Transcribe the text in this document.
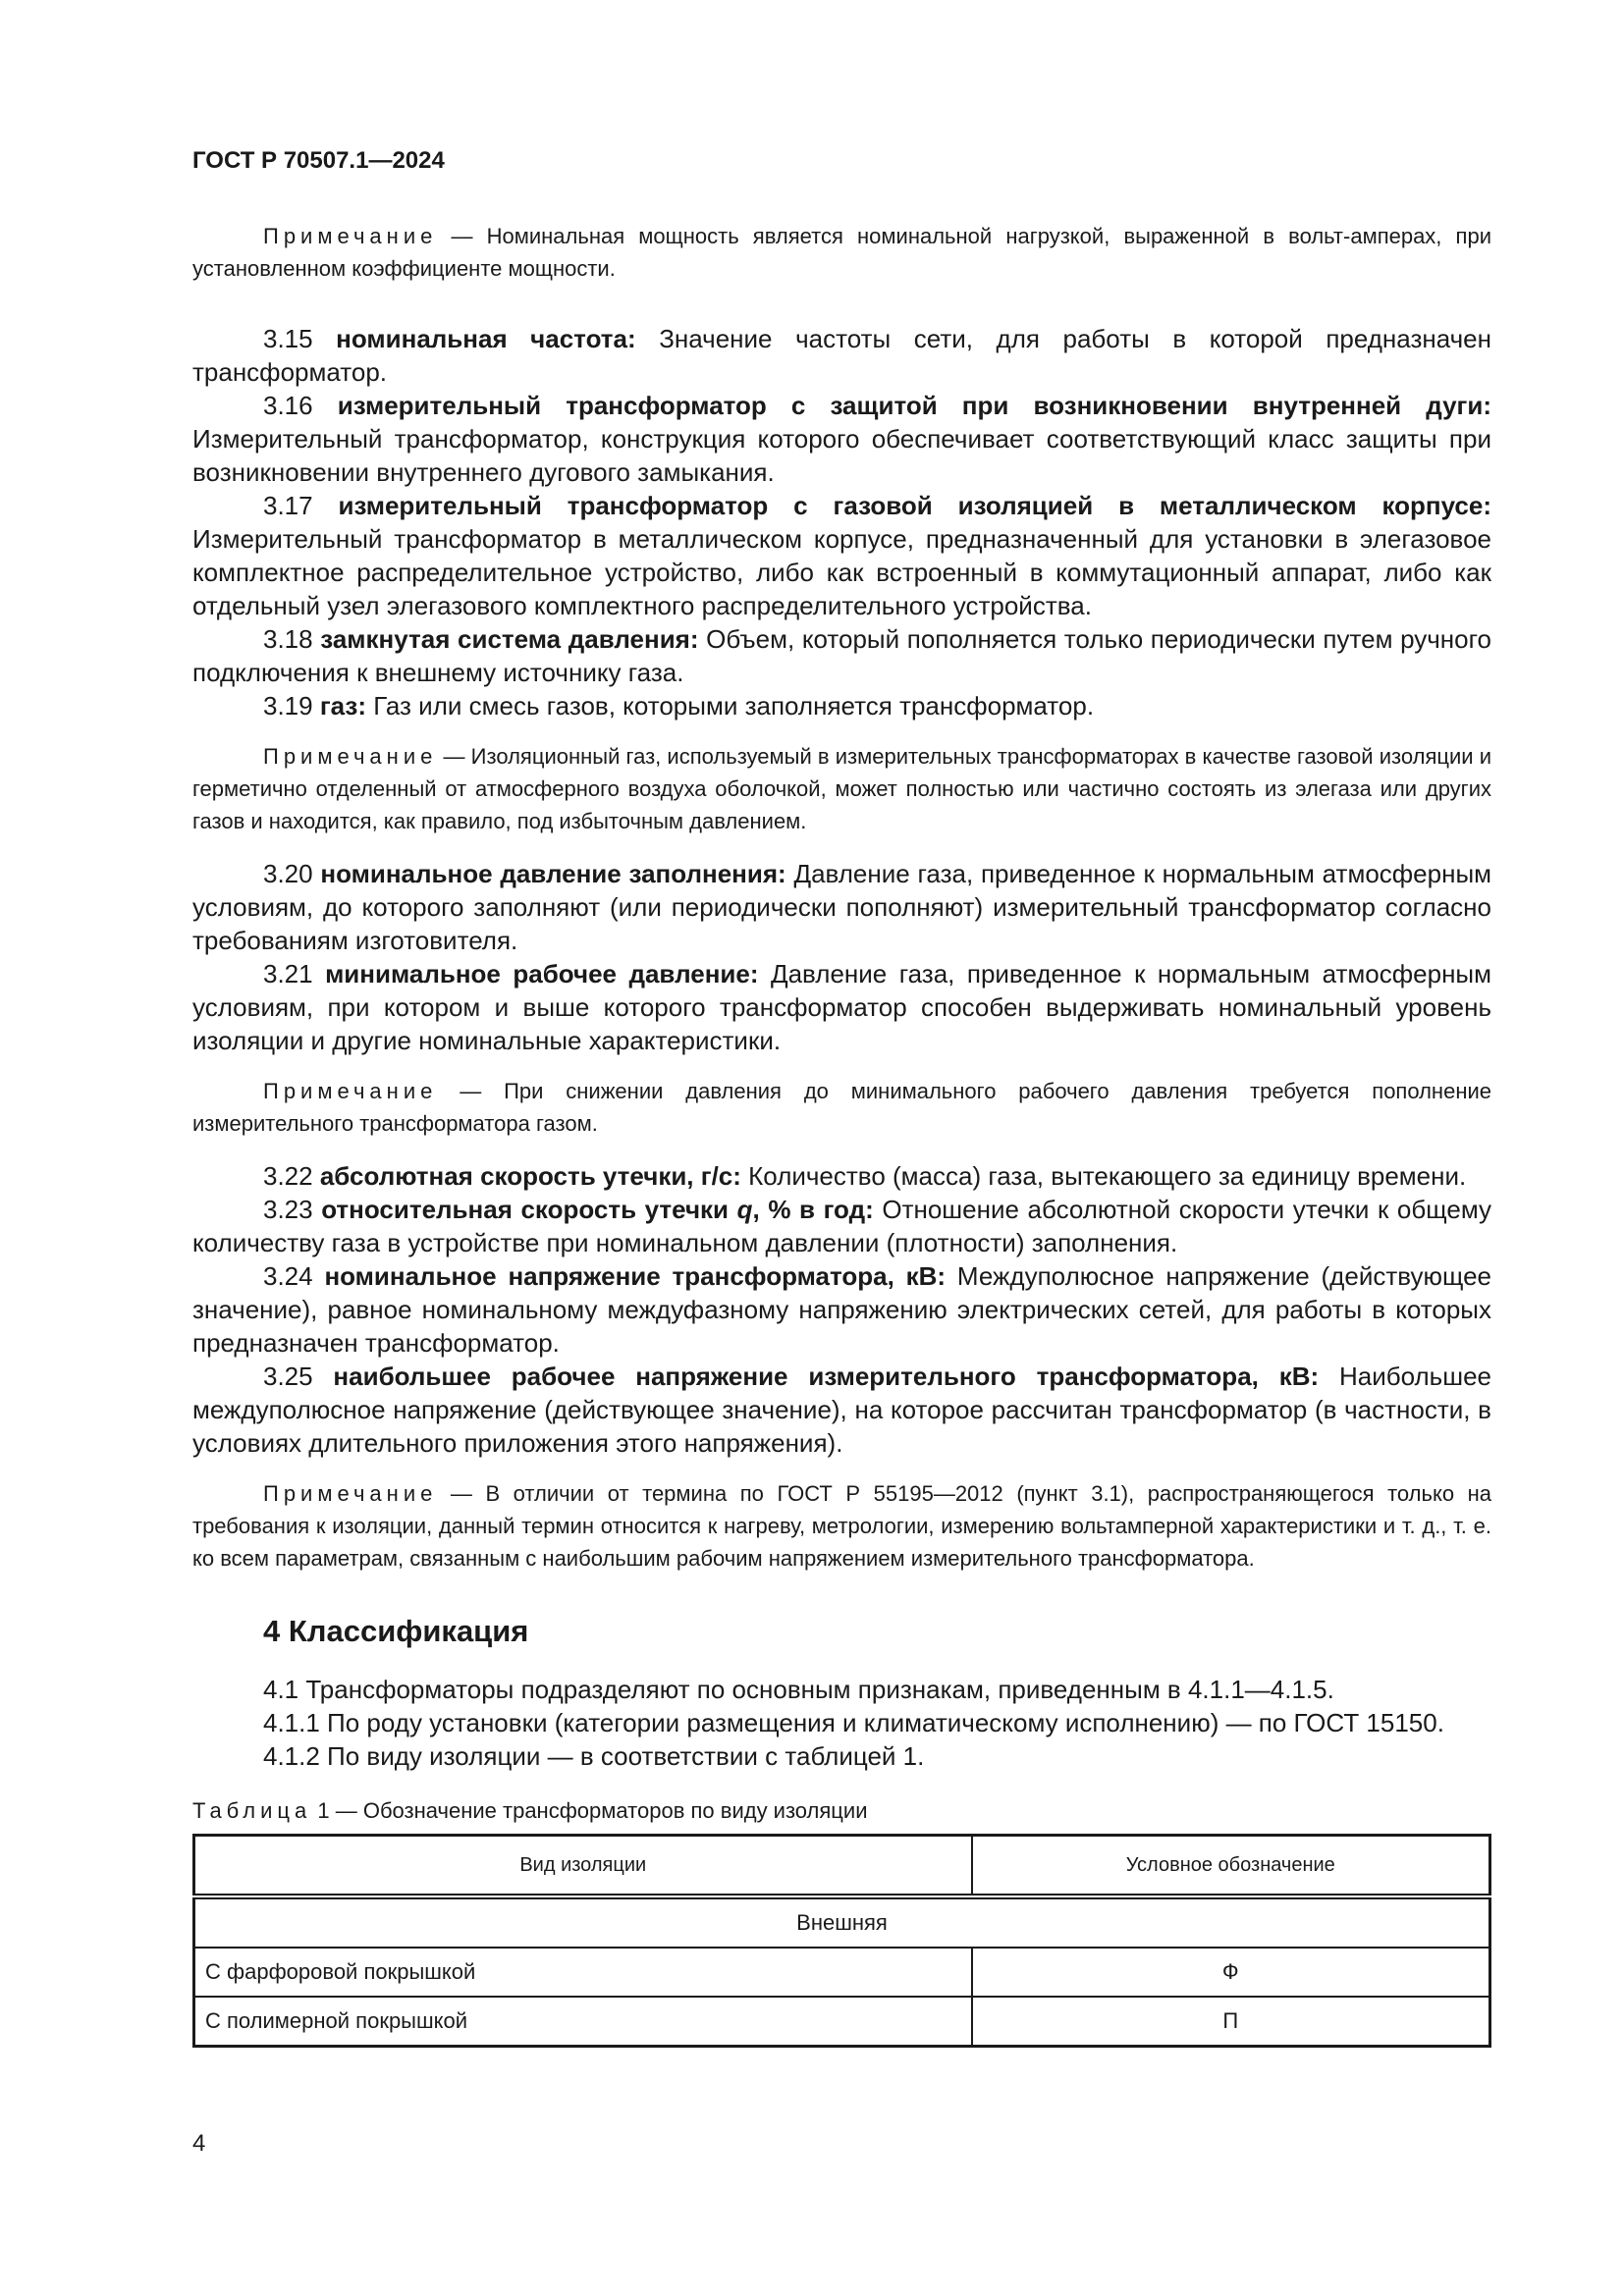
ГОСТ Р 70507.1—2024

Примечание — Номинальная мощность является номинальной нагрузкой, выраженной в вольт-амперах, при установленном коэффициенте мощности.

3.15 номинальная частота: Значение частоты сети, для работы в которой предназначен трансформатор.

3.16 измерительный трансформатор с защитой при возникновении внутренней дуги: Измерительный трансформатор, конструкция которого обеспечивает соответствующий класс защиты при возникновении внутреннего дугового замыкания.

3.17 измерительный трансформатор с газовой изоляцией в металлическом корпусе: Измерительный трансформатор в металлическом корпусе, предназначенный для установки в элегазовое комплектное распределительное устройство, либо как встроенный в коммутационный аппарат, либо как отдельный узел элегазового комплектного распределительного устройства.

3.18 замкнутая система давления: Объем, который пополняется только периодически путем ручного подключения к внешнему источнику газа.

3.19 газ: Газ или смесь газов, которыми заполняется трансформатор.

Примечание — Изоляционный газ, используемый в измерительных трансформаторах в качестве газовой изоляции и герметично отделенный от атмосферного воздуха оболочкой, может полностью или частично состоять из элегаза или других газов и находится, как правило, под избыточным давлением.

3.20 номинальное давление заполнения: Давление газа, приведенное к нормальным атмосферным условиям, до которого заполняют (или периодически пополняют) измерительный трансформатор согласно требованиям изготовителя.

3.21 минимальное рабочее давление: Давление газа, приведенное к нормальным атмосферным условиям, при котором и выше которого трансформатор способен выдерживать номинальный уровень изоляции и другие номинальные характеристики.

Примечание — При снижении давления до минимального рабочего давления требуется пополнение измерительного трансформатора газом.

3.22 абсолютная скорость утечки, г/с: Количество (масса) газа, вытекающего за единицу времени.

3.23 относительная скорость утечки q, % в год: Отношение абсолютной скорости утечки к общему количеству газа в устройстве при номинальном давлении (плотности) заполнения.

3.24 номинальное напряжение трансформатора, кВ: Междуполюсное напряжение (действующее значение), равное номинальному междуфазному напряжению электрических сетей, для работы в которых предназначен трансформатор.

3.25 наибольшее рабочее напряжение измерительного трансформатора, кВ: Наибольшее междуполюсное напряжение (действующее значение), на которое рассчитан трансформатор (в частности, в условиях длительного приложения этого напряжения).

Примечание — В отличии от термина по ГОСТ Р 55195—2012 (пункт 3.1), распространяющегося только на требования к изоляции, данный термин относится к нагреву, метрологии, измерению вольтамперной характеристики и т. д., т. е. ко всем параметрам, связанным с наибольшим рабочим напряжением измерительного трансформатора.

4 Классификация

4.1 Трансформаторы подразделяют по основным признакам, приведенным в 4.1.1—4.1.5.

4.1.1 По роду установки (категории размещения и климатическому исполнению) — по ГОСТ 15150.

4.1.2 По виду изоляции — в соответствии с таблицей 1.

Таблица 1 — Обозначение трансформаторов по виду изоляции
Вид изоляции	Условное обозначение
Внешняя	
С фарфоровой покрышкой	Ф
С полимерной покрышкой	П
4
